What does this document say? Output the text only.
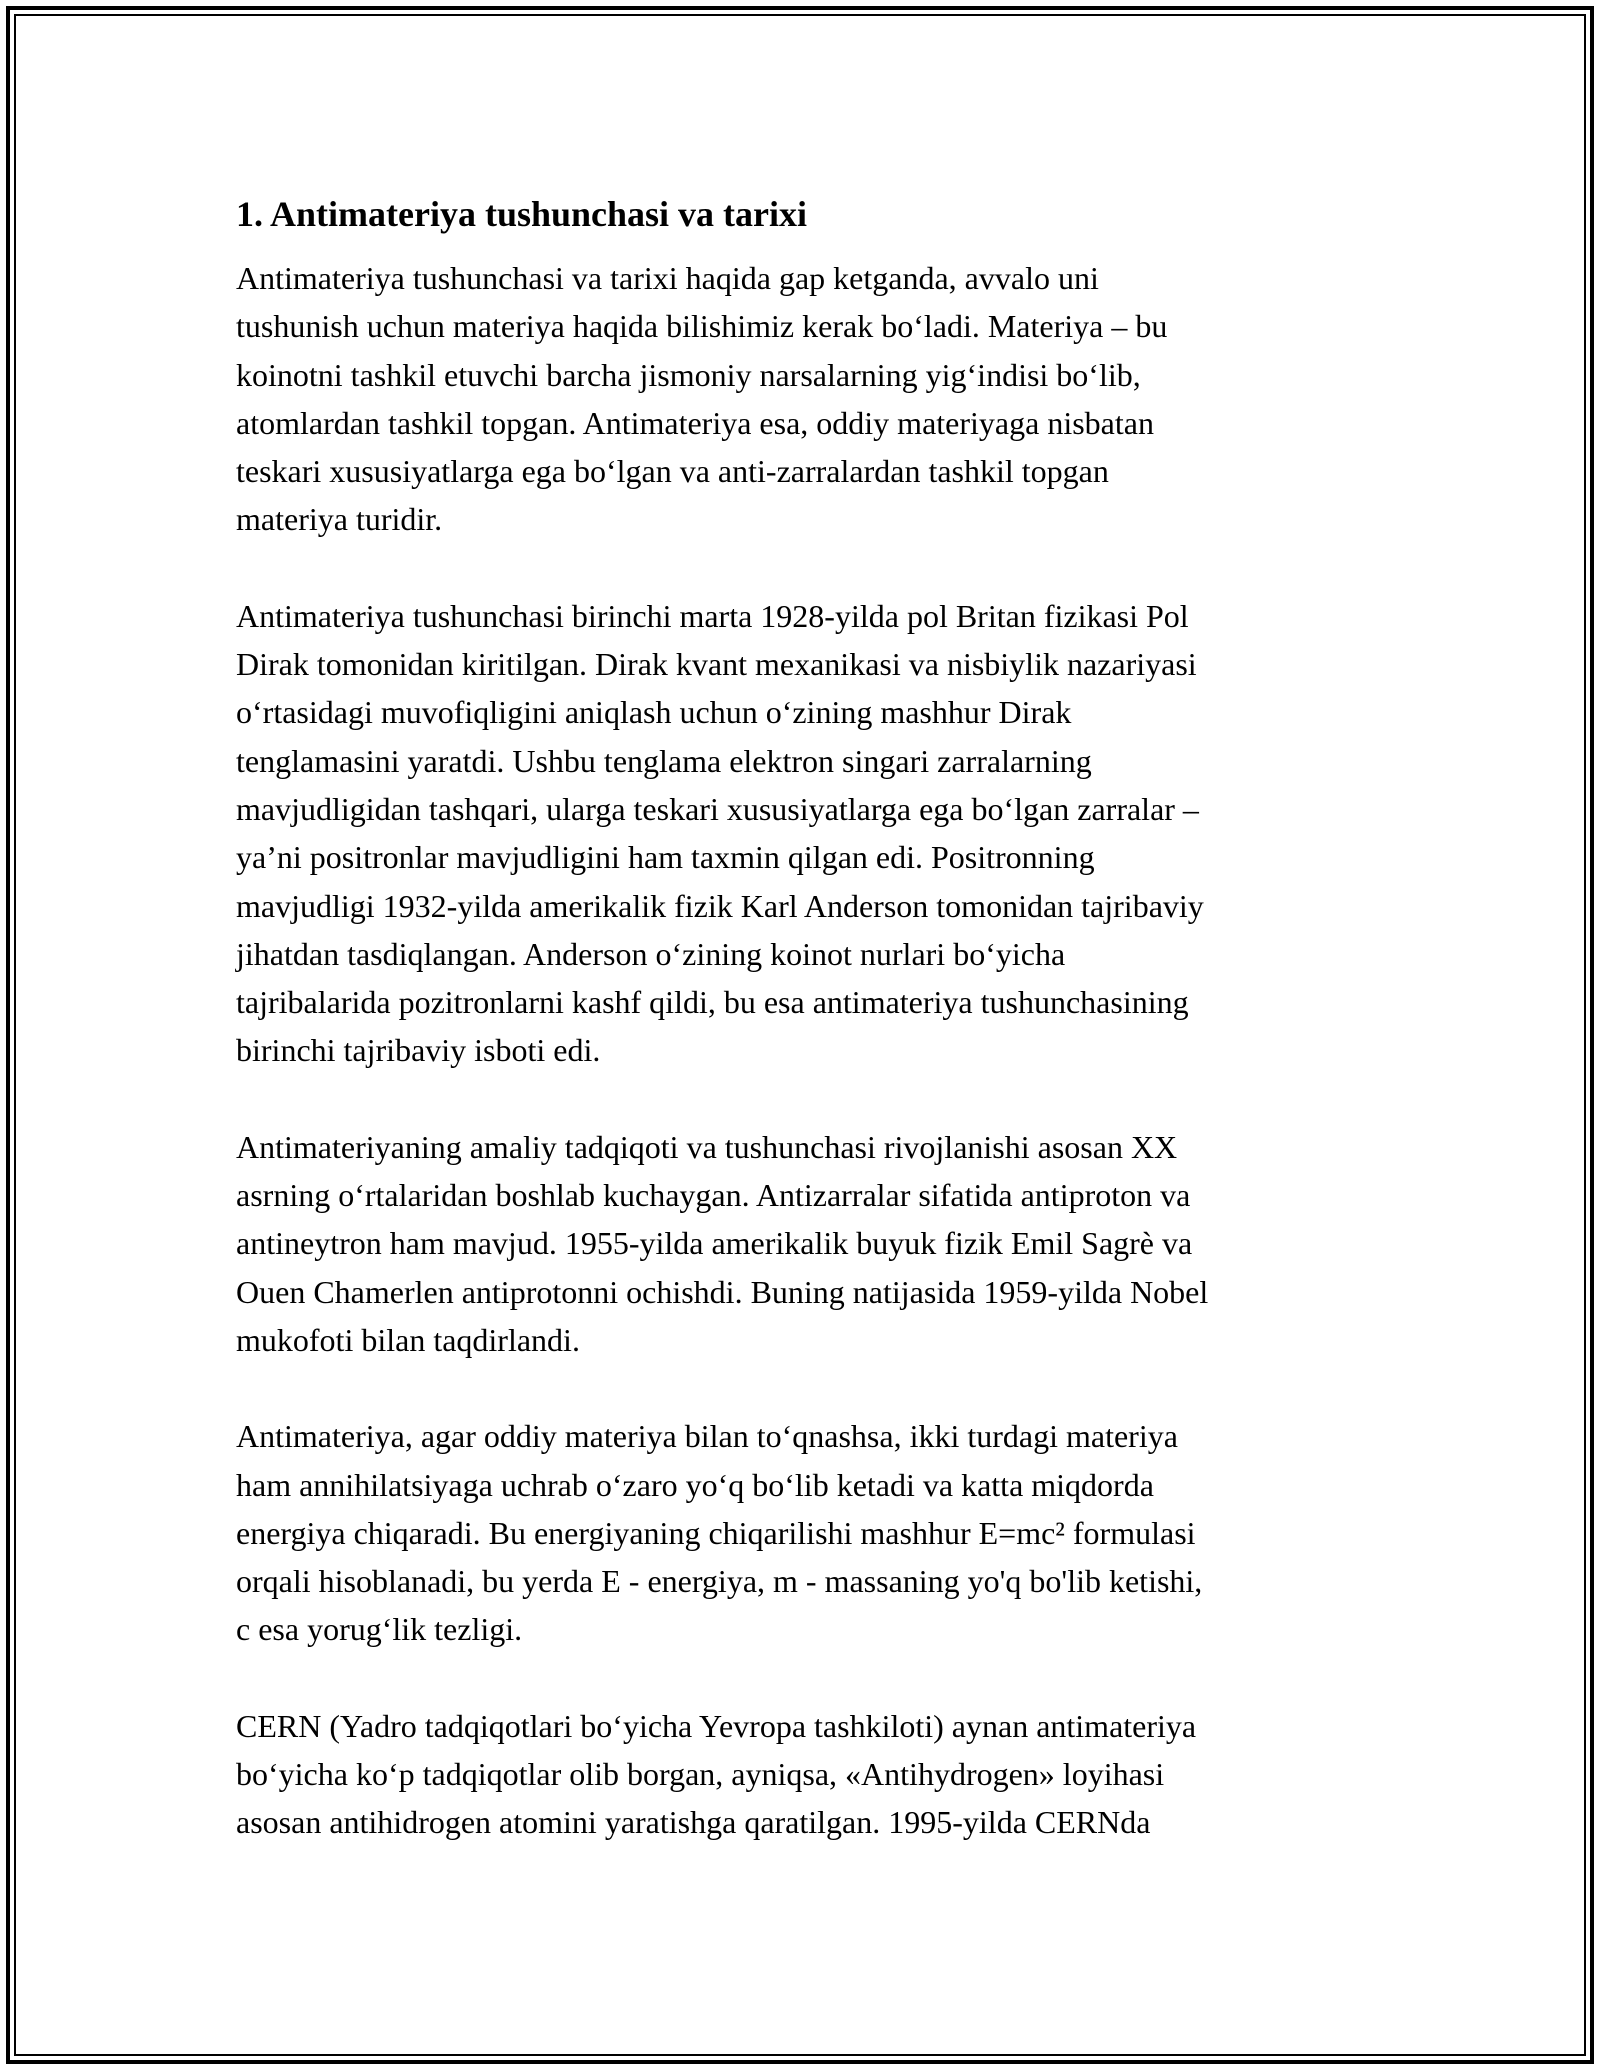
1. Antimateriya tushunchasi va tarixi

Antimateriya tushunchasi va tarixi haqida gap ketganda, avvalo uni
tushunish uchun materiya haqida bilishimiz kerak bo‘ladi. Materiya – bu
koinotni tashkil etuvchi barcha jismoniy narsalarning yig‘indisi bo‘lib,
atomlardan tashkil topgan. Antimateriya esa, oddiy materiyaga nisbatan
teskari xususiyatlarga ega bo‘lgan va anti-zarralardan tashkil topgan
materiya turidir.

Antimateriya tushunchasi birinchi marta 1928-yilda pol Britan fizikasi Pol
Dirak tomonidan kiritilgan. Dirak kvant mexanikasi va nisbiylik nazariyasi
o‘rtasidagi muvofiqligini aniqlash uchun o‘zining mashhur Dirak
tenglamasini yaratdi. Ushbu tenglama elektron singari zarralarning
mavjudligidan tashqari, ularga teskari xususiyatlarga ega bo‘lgan zarralar –
ya’ni positronlar mavjudligini ham taxmin qilgan edi. Positronning
mavjudligi 1932-yilda amerikalik fizik Karl Anderson tomonidan tajribaviy
jihatdan tasdiqlangan. Anderson o‘zining koinot nurlari bo‘yicha
tajribalarida pozitronlarni kashf qildi, bu esa antimateriya tushunchasining
birinchi tajribaviy isboti edi.

Antimateriyaning amaliy tadqiqoti va tushunchasi rivojlanishi asosan XX
asrning o‘rtalaridan boshlab kuchaygan. Antizarralar sifatida antiproton va
antineytron ham mavjud. 1955-yilda amerikalik buyuk fizik Emil Sagrè va
Ouen Chamerlen antiprotonni ochishdi. Buning natijasida 1959-yilda Nobel
mukofoti bilan taqdirlandi.

Antimateriya, agar oddiy materiya bilan to‘qnashsa, ikki turdagi materiya
ham annihilatsiyaga uchrab o‘zaro yo‘q bo‘lib ketadi va katta miqdorda
energiya chiqaradi. Bu energiyaning chiqarilishi mashhur E=mc² formulasi
orqali hisoblanadi, bu yerda E - energiya, m - massaning yo'q bo'lib ketishi,
c esa yorug‘lik tezligi.

CERN (Yadro tadqiqotlari bo‘yicha Yevropa tashkiloti) aynan antimateriya
bo‘yicha ko‘p tadqiqotlar olib borgan, ayniqsa, «Antihydrogen» loyihasi
asosan antihidrogen atomini yaratishga qaratilgan. 1995-yilda CERNda
